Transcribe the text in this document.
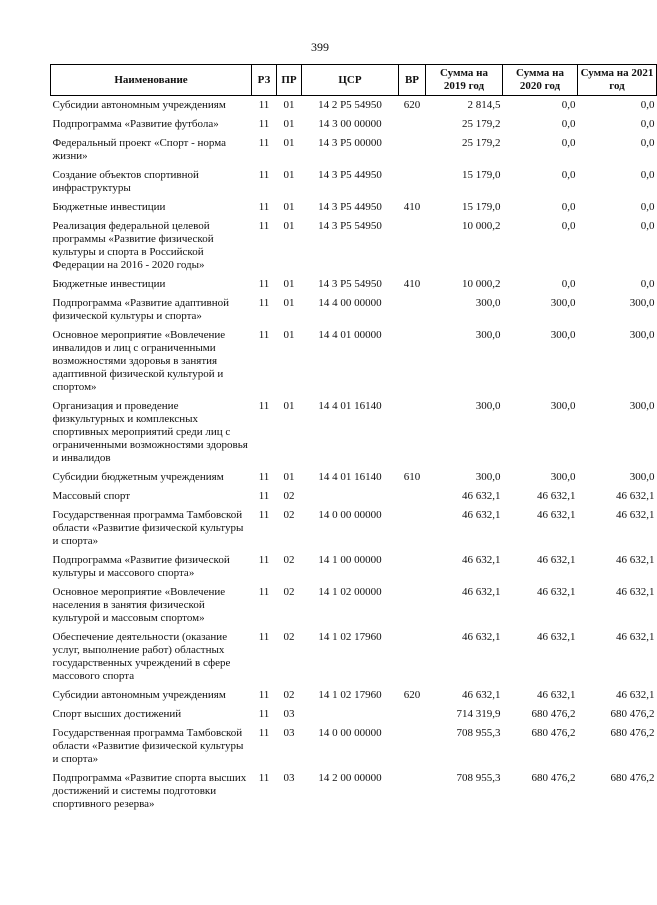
399
Наименование	РЗ	ПР	ЦСР	ВР	Сумма на 2019 год	Сумма на 2020 год	Сумма на 2021 год
Субсидии автономным учреждениям	11	01	14 2 P5 54950	620	2 814,5	0,0	0,0
Подпрограмма «Развитие футбола»	11	01	14 3 00 00000		25 179,2	0,0	0,0
Федеральный проект «Спорт - норма жизни»	11	01	14 3 P5 00000		25 179,2	0,0	0,0
Создание объектов спортивной инфраструктуры	11	01	14 3 P5 44950		15 179,0	0,0	0,0
Бюджетные инвестиции	11	01	14 3 P5 44950	410	15 179,0	0,0	0,0
Реализация федеральной целевой программы «Развитие физической культуры и спорта в Российской Федерации на 2016 - 2020 годы»	11	01	14 3 P5 54950		10 000,2	0,0	0,0
Бюджетные инвестиции	11	01	14 3 P5 54950	410	10 000,2	0,0	0,0
Подпрограмма «Развитие адаптивной физической культуры и спорта»	11	01	14 4 00 00000		300,0	300,0	300,0
Основное мероприятие «Вовлечение инвалидов и лиц с ограниченными возможностями здоровья в занятия адаптивной физической культурой и спортом»	11	01	14 4 01 00000		300,0	300,0	300,0
Организация и проведение физкультурных и комплексных спортивных мероприятий среди лиц с ограниченными возможностями здоровья и инвалидов	11	01	14 4 01 16140		300,0	300,0	300,0
Субсидии бюджетным учреждениям	11	01	14 4 01 16140	610	300,0	300,0	300,0
Массовый спорт	11	02			46 632,1	46 632,1	46 632,1
Государственная программа Тамбовской области «Развитие физической культуры и спорта»	11	02	14 0 00 00000		46 632,1	46 632,1	46 632,1
Подпрограмма «Развитие физической культуры и массового спорта»	11	02	14 1 00 00000		46 632,1	46 632,1	46 632,1
Основное мероприятие «Вовлечение населения в занятия физической культурой и массовым спортом»	11	02	14 1 02 00000		46 632,1	46 632,1	46 632,1
Обеспечение деятельности (оказание услуг, выполнение работ) областных государственных учреждений в сфере массового спорта	11	02	14 1 02 17960		46 632,1	46 632,1	46 632,1
Субсидии автономным учреждениям	11	02	14 1 02 17960	620	46 632,1	46 632,1	46 632,1
Спорт высших достижений	11	03			714 319,9	680 476,2	680 476,2
Государственная программа Тамбовской области «Развитие физической культуры и спорта»	11	03	14 0 00 00000		708 955,3	680 476,2	680 476,2
Подпрограмма «Развитие спорта высших достижений и системы подготовки спортивного резерва»	11	03	14 2 00 00000		708 955,3	680 476,2	680 476,2
